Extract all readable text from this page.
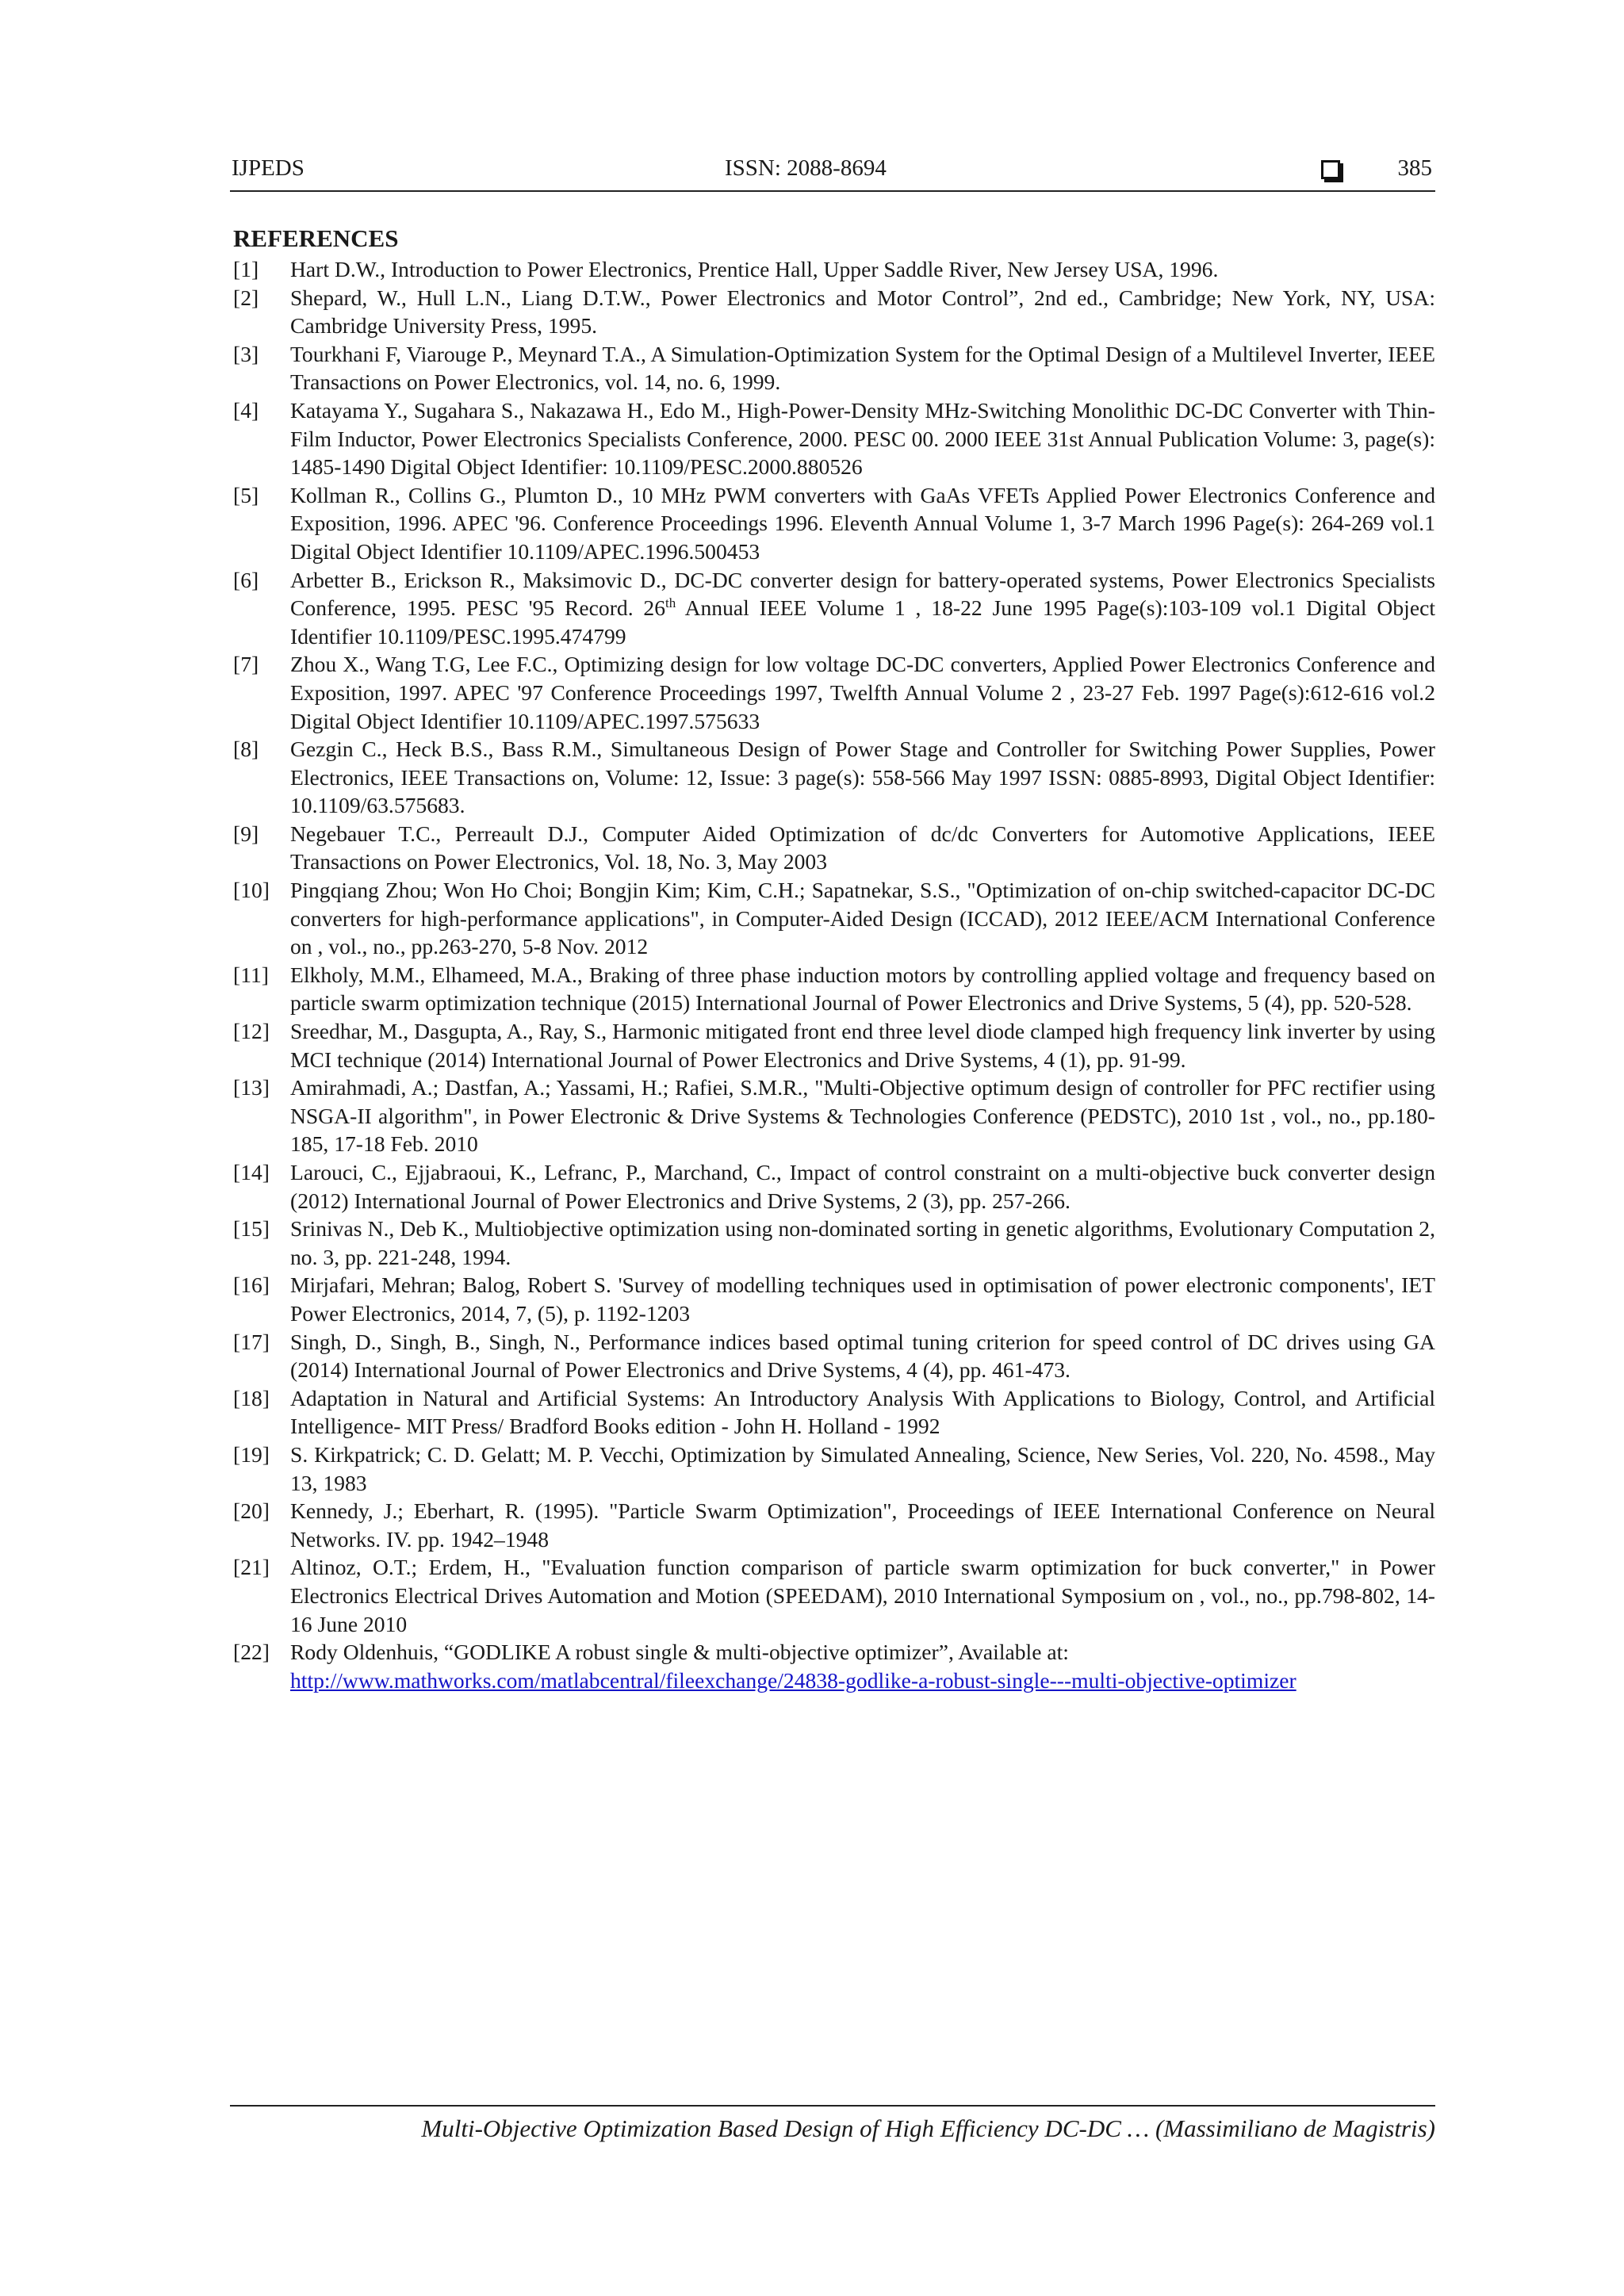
IJPEDS	ISSN: 2088-8694	385
REFERENCES
[1] Hart D.W., Introduction to Power Electronics, Prentice Hall, Upper Saddle River, New Jersey USA, 1996.
[2] Shepard, W., Hull L.N., Liang D.T.W., Power Electronics and Motor Control”, 2nd ed., Cambridge; New York, NY, USA: Cambridge University Press, 1995.
[3] Tourkhani F, Viarouge P., Meynard T.A., A Simulation-Optimization System for the Optimal Design of a Multilevel Inverter, IEEE Transactions on Power Electronics, vol. 14, no. 6, 1999.
[4] Katayama Y., Sugahara S., Nakazawa H., Edo M., High-Power-Density MHz-Switching Monolithic DC-DC Converter with Thin-Film Inductor, Power Electronics Specialists Conference, 2000. PESC 00. 2000 IEEE 31st Annual Publication Volume: 3, page(s): 1485-1490 Digital Object Identifier: 10.1109/PESC.2000.880526
[5] Kollman R., Collins G., Plumton D., 10 MHz PWM converters with GaAs VFETs Applied Power Electronics Conference and Exposition, 1996. APEC '96. Conference Proceedings 1996. Eleventh Annual Volume 1, 3-7 March 1996 Page(s): 264-269 vol.1 Digital Object Identifier 10.1109/APEC.1996.500453
[6] Arbetter B., Erickson R., Maksimovic D., DC-DC converter design for battery-operated systems, Power Electronics Specialists Conference, 1995. PESC '95 Record. 26th Annual IEEE Volume 1 , 18-22 June 1995 Page(s):103-109 vol.1 Digital Object Identifier 10.1109/PESC.1995.474799
[7] Zhou X., Wang T.G, Lee F.C., Optimizing design for low voltage DC-DC converters, Applied Power Electronics Conference and Exposition, 1997. APEC '97 Conference Proceedings 1997, Twelfth Annual Volume 2 , 23-27 Feb. 1997 Page(s):612-616 vol.2 Digital Object Identifier 10.1109/APEC.1997.575633
[8] Gezgin C., Heck B.S., Bass R.M., Simultaneous Design of Power Stage and Controller for Switching Power Supplies, Power Electronics, IEEE Transactions on, Volume: 12, Issue: 3 page(s): 558-566 May 1997 ISSN: 0885-8993, Digital Object Identifier: 10.1109/63.575683.
[9] Negebauer T.C., Perreault D.J., Computer Aided Optimization of dc/dc Converters for Automotive Applications, IEEE Transactions on Power Electronics, Vol. 18, No. 3, May 2003
[10] Pingqiang Zhou; Won Ho Choi; Bongjin Kim; Kim, C.H.; Sapatnekar, S.S., "Optimization of on-chip switched-capacitor DC-DC converters for high-performance applications", in Computer-Aided Design (ICCAD), 2012 IEEE/ACM International Conference on , vol., no., pp.263-270, 5-8 Nov. 2012
[11] Elkholy, M.M., Elhameed, M.A., Braking of three phase induction motors by controlling applied voltage and frequency based on particle swarm optimization technique (2015) International Journal of Power Electronics and Drive Systems, 5 (4), pp. 520-528.
[12] Sreedhar, M., Dasgupta, A., Ray, S., Harmonic mitigated front end three level diode clamped high frequency link inverter by using MCI technique (2014) International Journal of Power Electronics and Drive Systems, 4 (1), pp. 91-99.
[13] Amirahmadi, A.; Dastfan, A.; Yassami, H.; Rafiei, S.M.R., "Multi-Objective optimum design of controller for PFC rectifier using NSGA-II algorithm", in Power Electronic & Drive Systems & Technologies Conference (PEDSTC), 2010 1st , vol., no., pp.180-185, 17-18 Feb. 2010
[14] Larouci, C., Ejjabraoui, K., Lefranc, P., Marchand, C., Impact of control constraint on a multi-objective buck converter design (2012) International Journal of Power Electronics and Drive Systems, 2 (3), pp. 257-266.
[15] Srinivas N., Deb K., Multiobjective optimization using non-dominated sorting in genetic algorithms, Evolutionary Computation 2, no. 3, pp. 221-248, 1994.
[16] Mirjafari, Mehran; Balog, Robert S. 'Survey of modelling techniques used in optimisation of power electronic components', IET Power Electronics, 2014, 7, (5), p. 1192-1203
[17] Singh, D., Singh, B., Singh, N., Performance indices based optimal tuning criterion for speed control of DC drives using GA (2014) International Journal of Power Electronics and Drive Systems, 4 (4), pp. 461-473.
[18] Adaptation in Natural and Artificial Systems: An Introductory Analysis With Applications to Biology, Control, and Artificial Intelligence- MIT Press/ Bradford Books edition - John H. Holland - 1992
[19] S. Kirkpatrick; C. D. Gelatt; M. P. Vecchi, Optimization by Simulated Annealing, Science, New Series, Vol. 220, No. 4598., May 13, 1983
[20] Kennedy, J.; Eberhart, R. (1995). "Particle Swarm Optimization", Proceedings of IEEE International Conference on Neural Networks. IV. pp. 1942–1948
[21] Altinoz, O.T.; Erdem, H., "Evaluation function comparison of particle swarm optimization for buck converter," in Power Electronics Electrical Drives Automation and Motion (SPEEDAM), 2010 International Symposium on , vol., no., pp.798-802, 14-16 June 2010
[22] Rody Oldenhuis, “GODLIKE A robust single & multi-objective optimizer”, Available at:
http://www.mathworks.com/matlabcentral/fileexchange/24838-godlike-a-robust-single---multi-objective-optimizer
Multi-Objective Optimization Based Design of High Efficiency DC-DC … (Massimiliano de Magistris)
